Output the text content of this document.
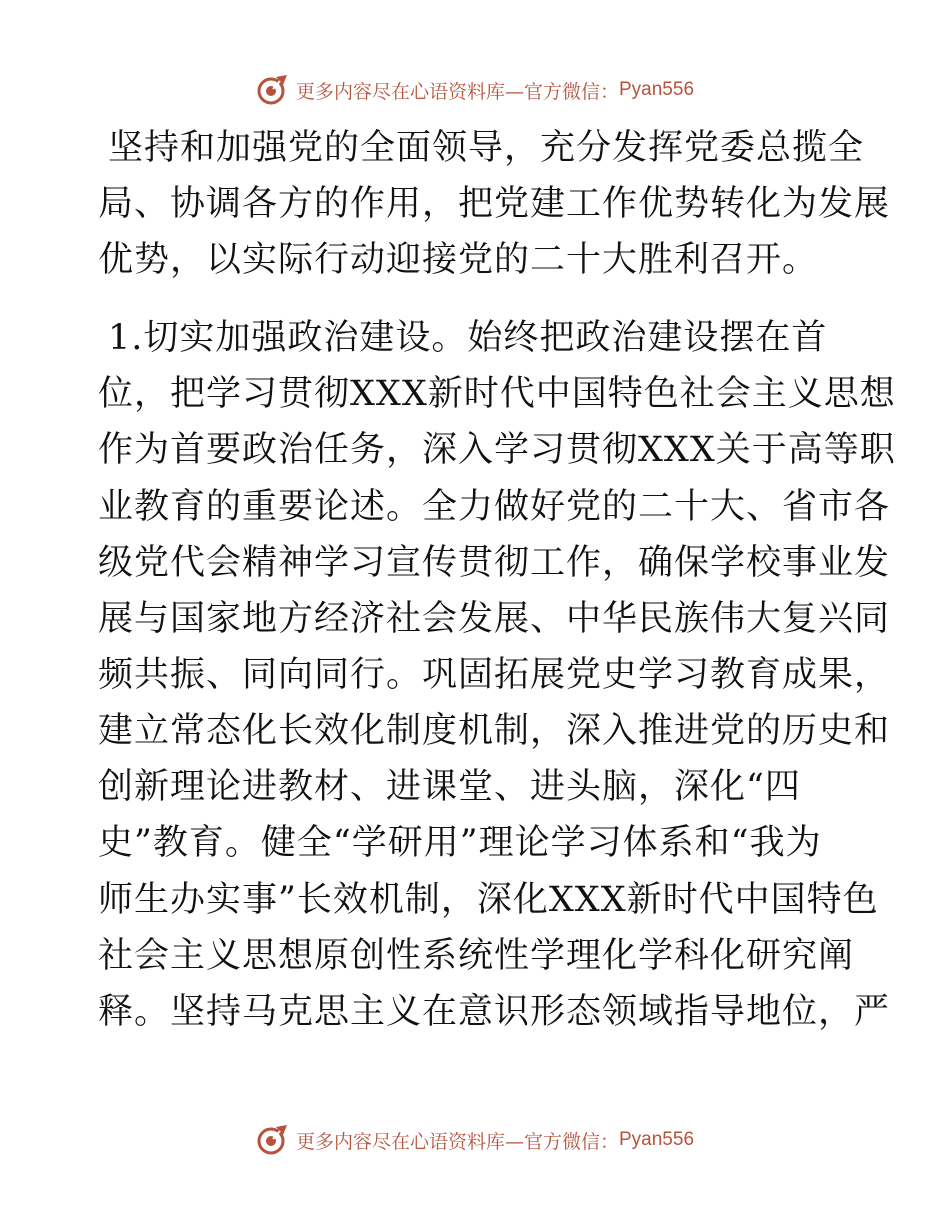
更多内容尽在心语资料库—官方微信： Pyan556
坚持和加强党的全面领导，充分发挥党委总揽全
局、协调各方的作用，把党建工作优势转化为发展
优势，以实际行动迎接党的二十大胜利召开。
1.切实加强政治建设。始终把政治建设摆在首
位，把学习贯彻XXX新时代中国特色社会主义思想
作为首要政治任务，深入学习贯彻XXX关于高等职
业教育的重要论述。全力做好党的二十大、省市各
级党代会精神学习宣传贯彻工作，确保学校事业发
展与国家地方经济社会发展、中华民族伟大复兴同
频共振、同向同行。巩固拓展党史学习教育成果，
建立常态化长效化制度机制，深入推进党的历史和
创新理论进教材、进课堂、进头脑，深化“四
史”教育。健全“学研用”理论学习体系和“我为
师生办实事”长效机制，深化XXX新时代中国特色
社会主义思想原创性系统性学理化学科化研究阐
释。坚持马克思主义在意识形态领域指导地位，严
更多内容尽在心语资料库—官方微信： Pyan556
